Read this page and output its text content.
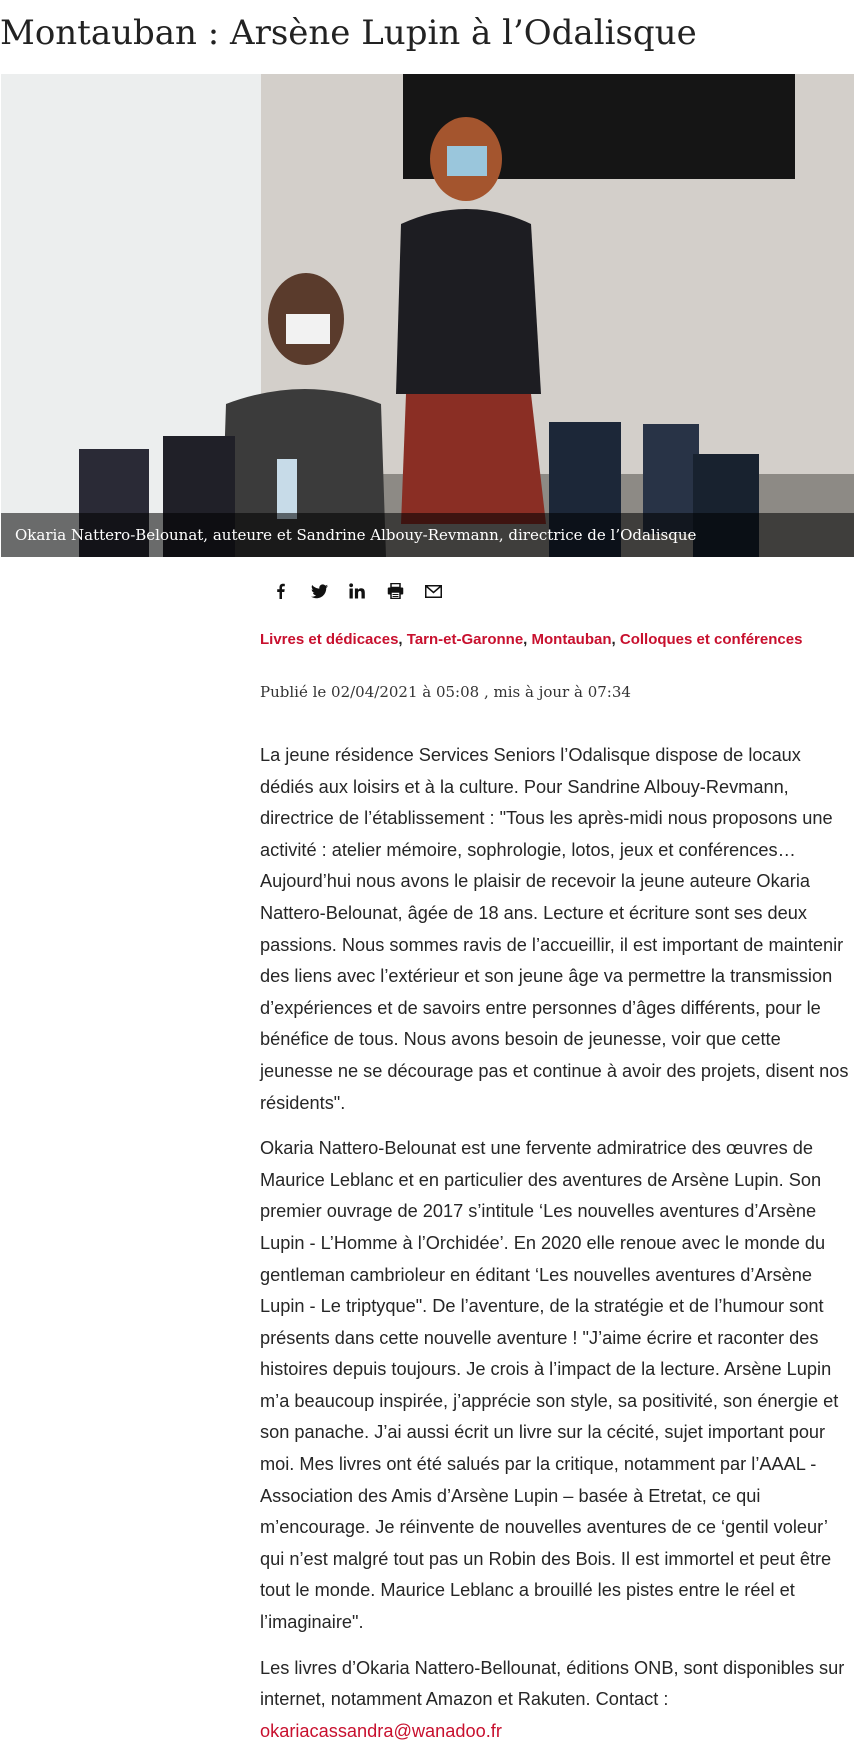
Montauban : Arsène Lupin à l’Odalisque
Okaria Nattero-Belounat, auteure et Sandrine Albouy-Revmann, directrice de l’Odalisque
Livres et dédicaces, Tarn-et-Garonne, Montauban, Colloques et conférences
Publié le 02/04/2021 à 05:08 , mis à jour à 07:34

La jeune résidence Services Seniors l’Odalisque dispose de locaux dédiés aux loisirs et à la culture. Pour Sandrine Albouy-Revmann, directrice de l’établissement : "Tous les après-midi nous proposons une activité : atelier mémoire, sophrologie, lotos, jeux et conférences… Aujourd’hui nous avons le plaisir de recevoir la jeune auteure Okaria Nattero-Belounat, âgée de 18 ans. Lecture et écriture sont ses deux passions. Nous sommes ravis de l’accueillir, il est important de maintenir des liens avec l’extérieur et son jeune âge va permettre la transmission d’expériences et de savoirs entre personnes d’âges différents, pour le bénéfice de tous. Nous avons besoin de jeunesse, voir que cette jeunesse ne se décourage pas et continue à avoir des projets, disent nos résidents".

Okaria Nattero-Belounat est une fervente admiratrice des œuvres de Maurice Leblanc et en particulier des aventures de Arsène Lupin. Son premier ouvrage de 2017 s’intitule ‘Les nouvelles aventures d’Arsène Lupin - L’Homme à l’Orchidée’. En 2020 elle renoue avec le monde du gentleman cambrioleur en éditant ‘Les nouvelles aventures d’Arsène Lupin - Le triptyque". De l’aventure, de la stratégie et de l’humour sont présents dans cette nouvelle aventure ! "J’aime écrire et raconter des histoires depuis toujours. Je crois à l’impact de la lecture. Arsène Lupin m’a beaucoup inspirée, j’apprécie son style, sa positivité, son énergie et son panache. J’ai aussi écrit un livre sur la cécité, sujet important pour moi. Mes livres ont été salués par la critique, notamment par l’AAAL - Association des Amis d’Arsène Lupin – basée à Etretat, ce qui m’encourage. Je réinvente de nouvelles aventures de ce ‘gentil voleur’ qui n’est malgré tout pas un Robin des Bois. Il est immortel et peut être tout le monde. Maurice Leblanc a brouillé les pistes entre le réel et l’imaginaire".

Les livres d’Okaria Nattero-Bellounat, éditions ONB, sont disponibles sur internet, notamment Amazon et Rakuten. Contact :
okariacassandra@wanadoo.fr
